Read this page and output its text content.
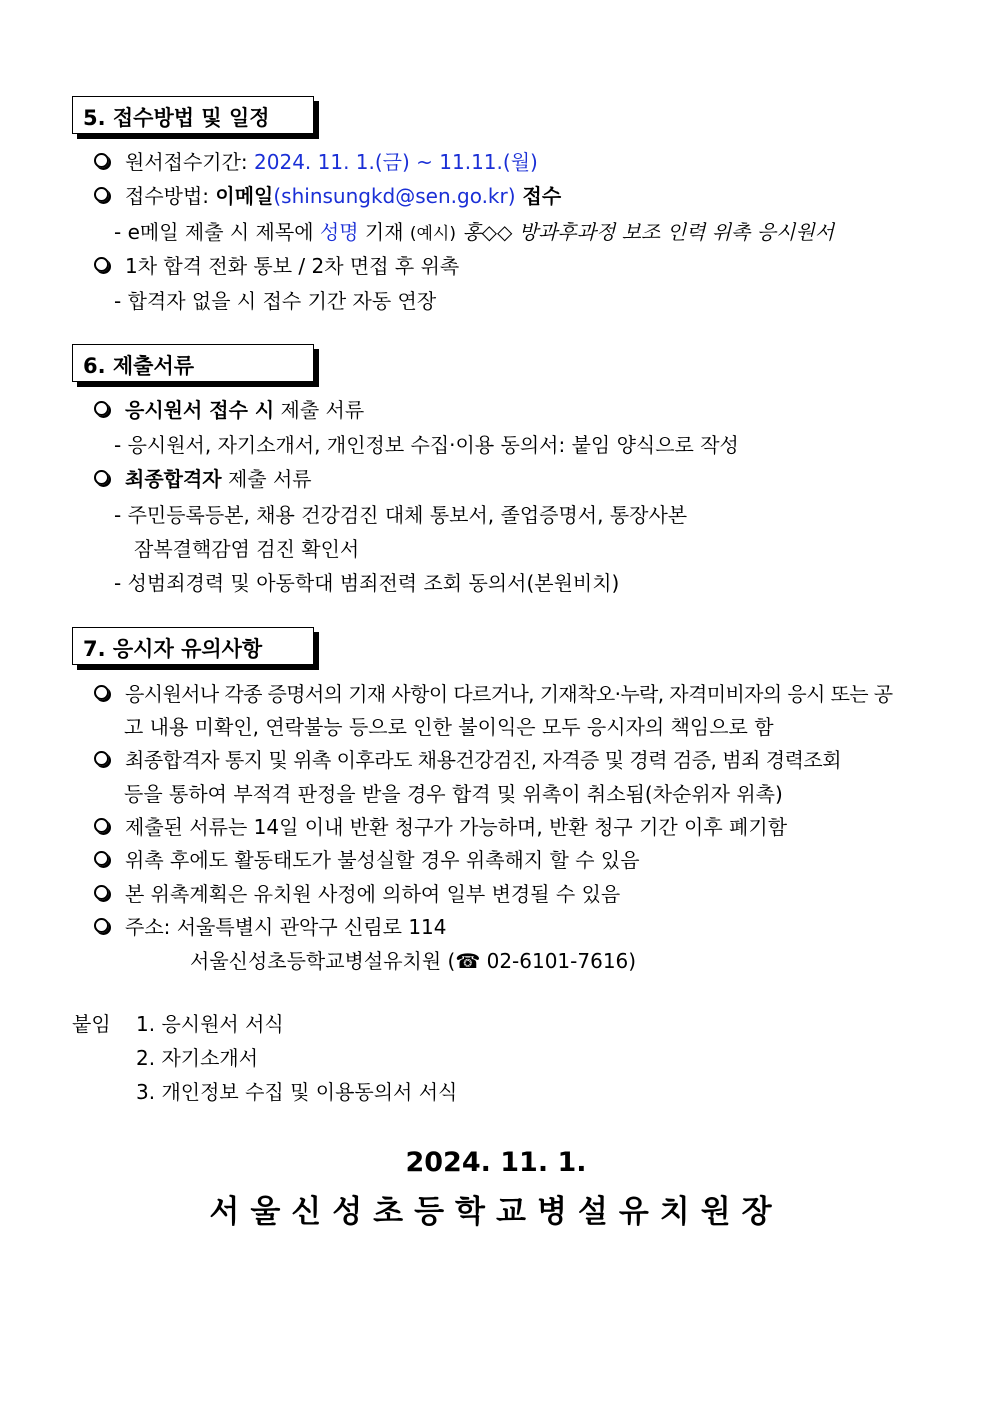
5. 접수방법 및 일정
원서접수기간: 2024. 11. 1.(금) ~ 11.11.(월)
접수방법: 이메일(shinsungkd@sen.go.kr) 접수
- e메일 제출 시 제목에 성명 기재 (예시) 홍◇◇ 방과후과정 보조 인력 위촉 응시원서
1차 합격 전화 통보 / 2차 면접 후 위촉
- 합격자 없을 시 접수 기간 자동 연장
6. 제출서류
응시원서 접수 시 제출 서류
- 응시원서, 자기소개서, 개인정보 수집·이용 동의서: 붙임 양식으로 작성
최종합격자 제출 서류
- 주민등록등본, 채용 건강검진 대체 통보서, 졸업증명서, 통장사본
잠복결핵감염 검진 확인서
- 성범죄경력 및 아동학대 범죄전력 조회 동의서(본원비치)
7. 응시자 유의사항
응시원서나 각종 증명서의 기재 사항이 다르거나, 기재착오·누락, 자격미비자의 응시 또는 공
고 내용 미확인, 연락불능 등으로 인한 불이익은 모두 응시자의 책임으로 함
최종합격자 통지 및 위촉 이후라도 채용건강검진, 자격증 및 경력 검증, 범죄 경력조회
등을 통하여 부적격 판정을 받을 경우 합격 및 위촉이 취소됨(차순위자 위촉)
제출된 서류는 14일 이내 반환 청구가 가능하며, 반환 청구 기간 이후 폐기함
위촉 후에도 활동태도가 불성실할 경우 위촉해지 할 수 있음
본 위촉계획은 유치원 사정에 의하여 일부 변경될 수 있음
주소: 서울특별시 관악구 신림로 114
서울신성초등학교병설유치원 (☎ 02-6101-7616)
붙임 1. 응시원서 서식
2. 자기소개서
3. 개인정보 수집 및 이용동의서 서식
2024. 11. 1.
서울신성초등학교병설유치원장
